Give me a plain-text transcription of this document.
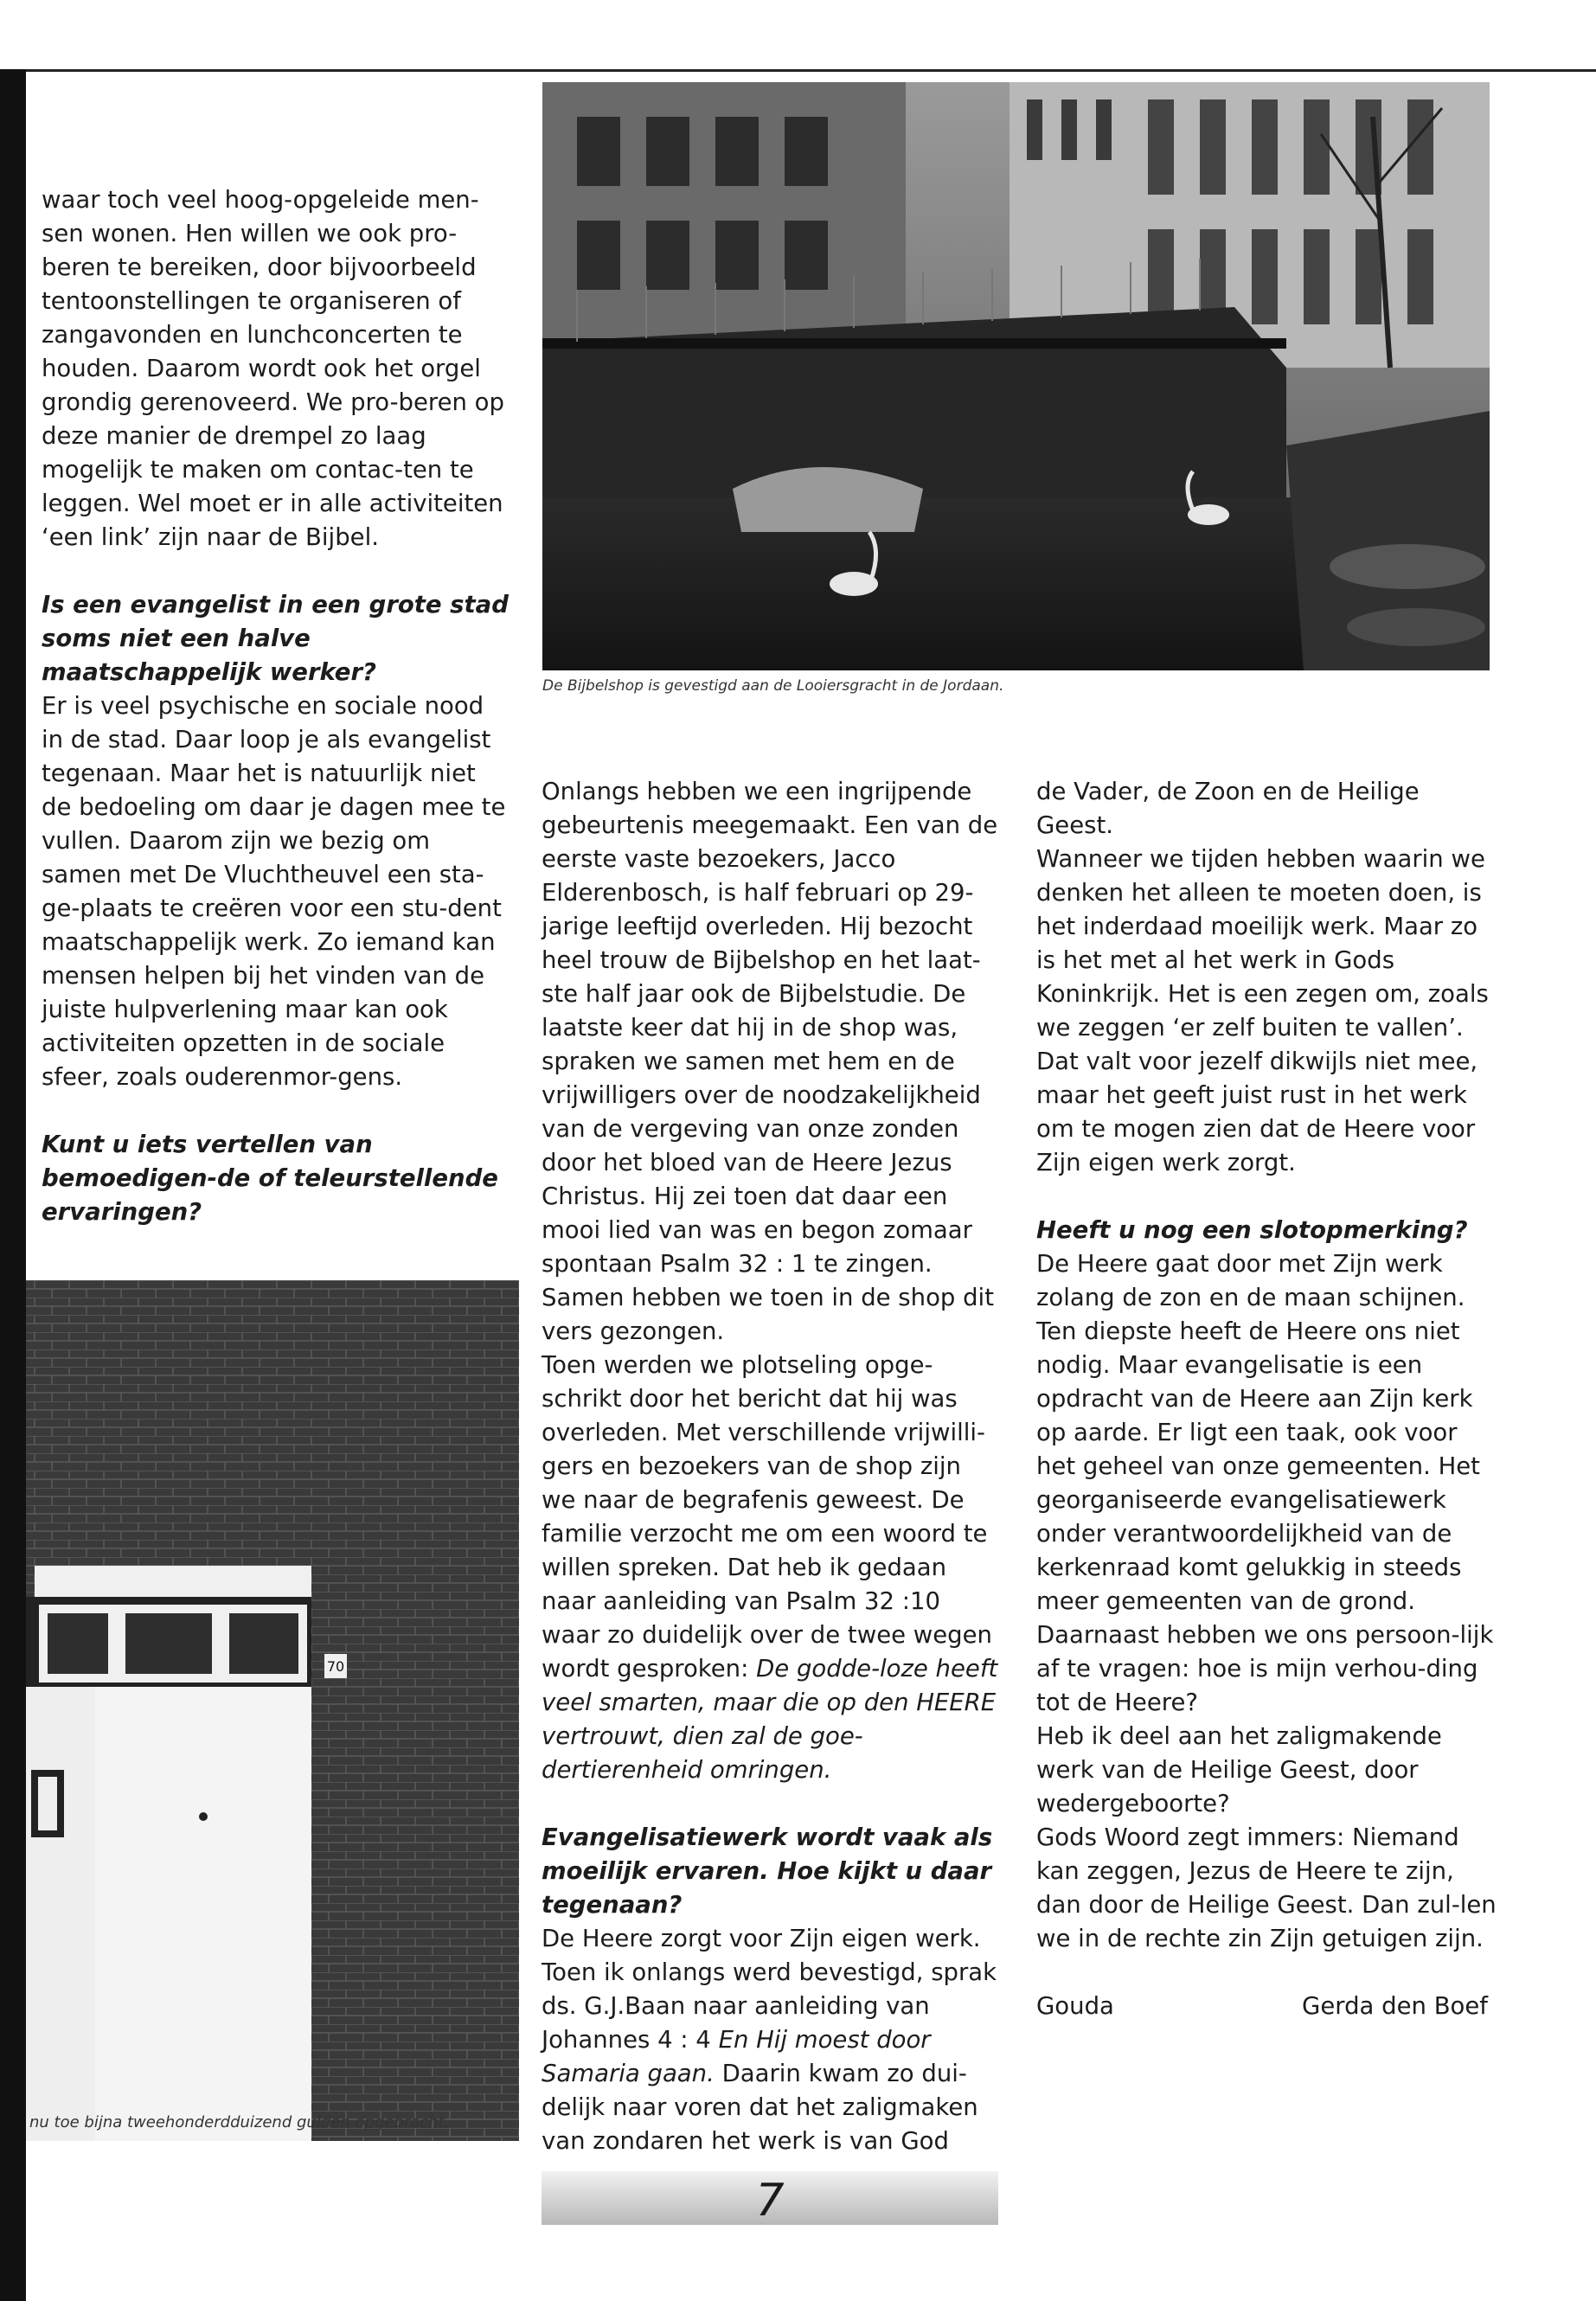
waar toch veel hoog-opgeleide men-sen wonen. Hen willen we ook pro-beren te bereiken, door bijvoorbeeld tentoonstellingen te organiseren of zangavonden en lunchconcerten te houden. Daarom wordt ook het orgel grondig gerenoveerd. We pro-beren op deze manier de drempel zo laag mogelijk te maken om contac-ten te leggen. Wel moet er in alle activiteiten ‘een link’ zijn naar de Bijbel.

Is een evangelist in een grote stad soms niet een halve maatschappelijk werker?

Er is veel psychische en sociale nood in de stad. Daar loop je als evangelist tegenaan. Maar het is natuurlijk niet de bedoeling om daar je dagen mee te vullen. Daarom zijn we bezig om samen met De Vluchtheuvel een sta-ge-plaats te creëren voor een stu-dent maatschappelijk werk. Zo iemand kan mensen helpen bij het vinden van de juiste hulpverlening maar kan ook activiteiten opzetten in de sociale sfeer, zoals ouderenmor-gens.

Kunt u iets vertellen van bemoedigen-de of teleurstellende ervaringen?

De Bijbelshop is gevestigd aan de Looiersgracht in de Jordaan.
70
nu toe bijna tweehonderdduizend gulden opgebracht.

Onlangs hebben we een ingrijpende gebeurtenis meegemaakt. Een van de eerste vaste bezoekers, Jacco Elderenbosch, is half februari op 29-jarige leeftijd overleden. Hij bezocht heel trouw de Bijbelshop en het laat-ste half jaar ook de Bijbelstudie. De laatste keer dat hij in de shop was, spraken we samen met hem en de vrijwilligers over de noodzakelijkheid van de vergeving van onze zonden door het bloed van de Heere Jezus Christus. Hij zei toen dat daar een mooi lied van was en begon zomaar spontaan Psalm 32 : 1 te zingen. Samen hebben we toen in de shop dit vers gezongen.

Toen werden we plotseling opge-schrikt door het bericht dat hij was overleden. Met verschillende vrijwilli-gers en bezoekers van de shop zijn we naar de begrafenis geweest. De familie verzocht me om een woord te willen spreken. Dat heb ik gedaan naar aanleiding van Psalm 32 :10 waar zo duidelijk over de twee wegen wordt gesproken: De godde-loze heeft veel smarten, maar die op den HEERE vertrouwt, dien zal de goe-dertierenheid omringen.

Evangelisatiewerk wordt vaak als moeilijk ervaren. Hoe kijkt u daar tegenaan?

De Heere zorgt voor Zijn eigen werk. Toen ik onlangs werd bevestigd, sprak ds. G.J.Baan naar aanleiding van Johannes 4 : 4 En Hij moest door Samaria gaan. Daarin kwam zo dui-delijk naar voren dat het zaligmaken van zondaren het werk is van God

de Vader, de Zoon en de Heilige Geest.

Wanneer we tijden hebben waarin we denken het alleen te moeten doen, is het inderdaad moeilijk werk. Maar zo is het met al het werk in Gods Koninkrijk. Het is een zegen om, zoals we zeggen ‘er zelf buiten te vallen’. Dat valt voor jezelf dikwijls niet mee, maar het geeft juist rust in het werk om te mogen zien dat de Heere voor Zijn eigen werk zorgt.

Heeft u nog een slotopmerking?

De Heere gaat door met Zijn werk zolang de zon en de maan schijnen. Ten diepste heeft de Heere ons niet nodig. Maar evangelisatie is een opdracht van de Heere aan Zijn kerk op aarde. Er ligt een taak, ook voor het geheel van onze gemeenten. Het georganiseerde evangelisatiewerk onder verantwoordelijkheid van de kerkenraad komt gelukkig in steeds meer gemeenten van de grond.

Daarnaast hebben we ons persoon-lijk af te vragen: hoe is mijn verhou-ding tot de Heere?

Heb ik deel aan het zaligmakende werk van de Heilige Geest, door wedergeboorte?

Gods Woord zegt immers: Niemand kan zeggen, Jezus de Heere te zijn, dan door de Heilige Geest. Dan zul-len we in de rechte zin Zijn getuigen zijn.

Gouda	Gerda den Boef
7
